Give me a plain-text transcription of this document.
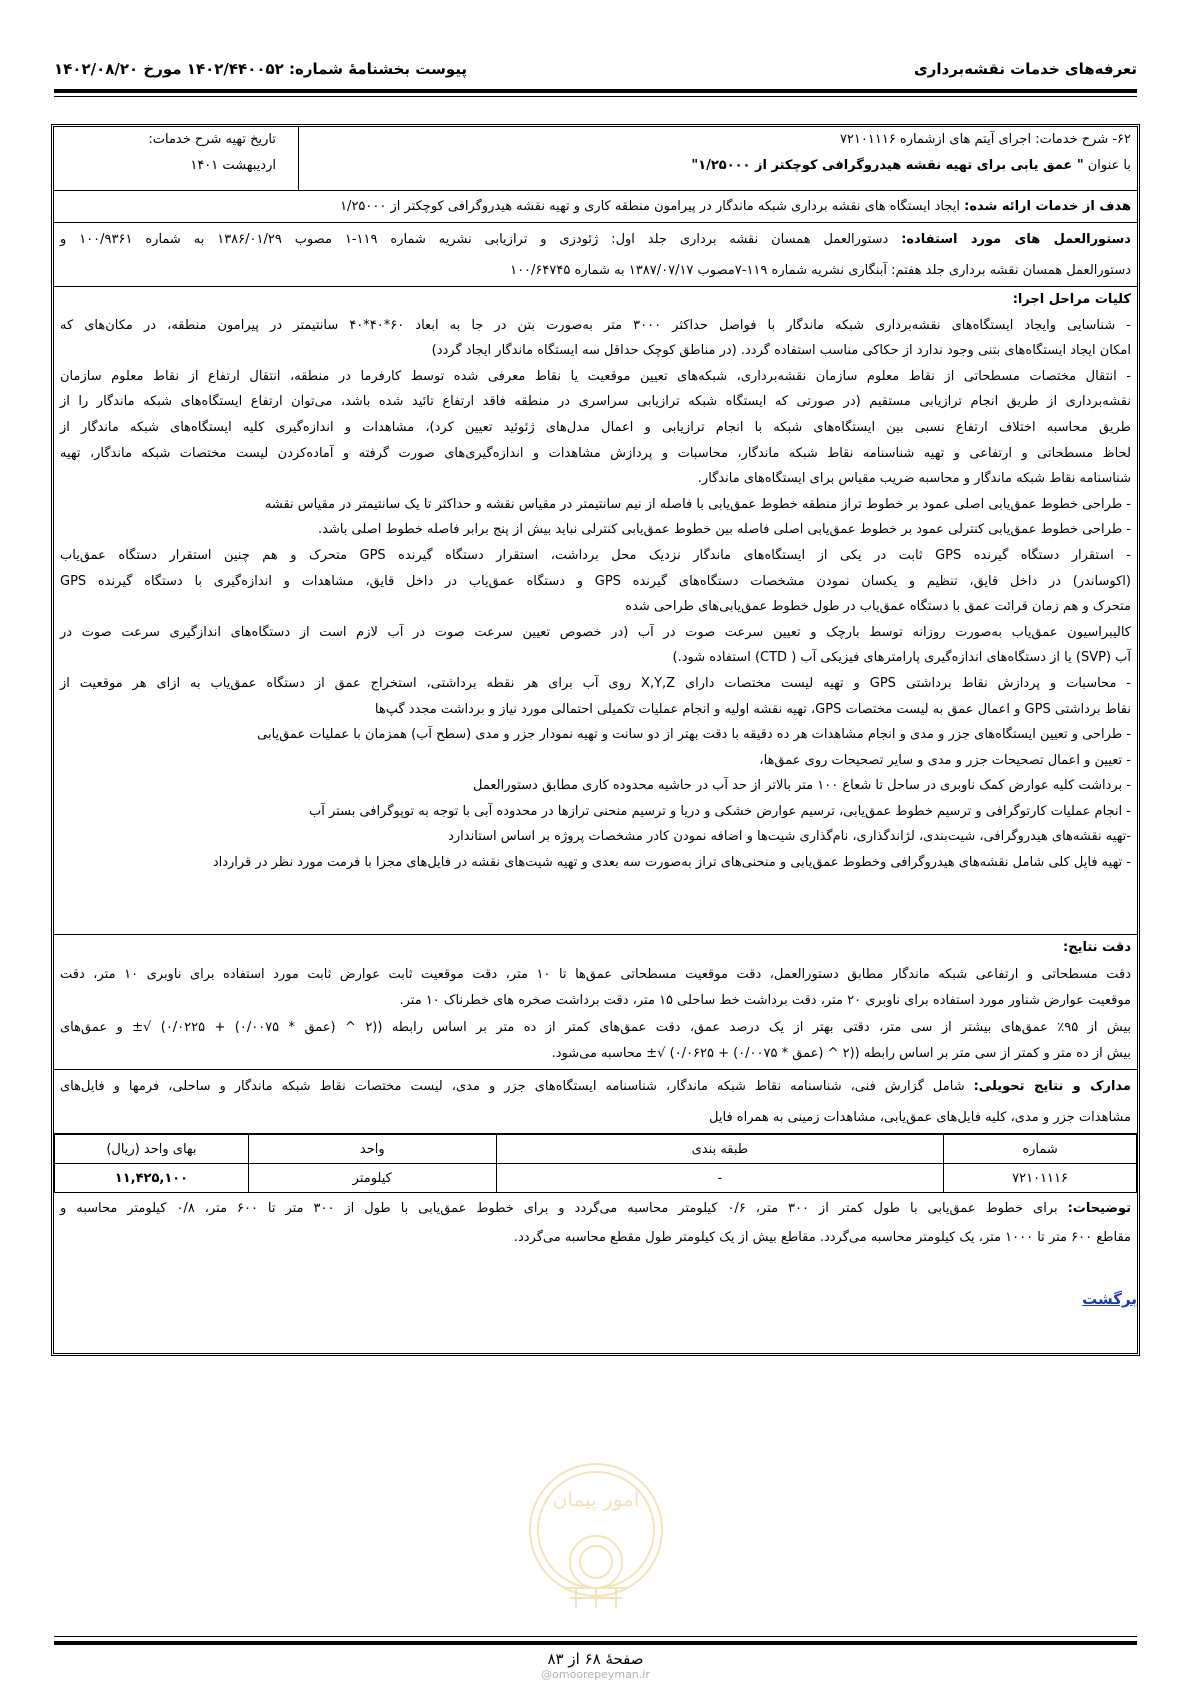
تعرفه‌های خدمات نقشه‌برداری
پیوست بخشنامهٔ شماره: ۱۴۰۲/۴۴۰۰۵۲ مورخ ۱۴۰۲/۰۸/۲۰
۶۲- شرح خدمات: اجرای آیتم های ازشماره ۷۲۱۰۱۱۱۶
با عنوان " عمق یابی برای تهیه نقشه هیدروگرافی کوچکتر از ۱/۲۵۰۰۰"
تاریخ تهیه شرح خدمات:
اردیبهشت ۱۴۰۱
هدف از خدمات ارائه شده: ایجاد ایستگاه های نقشه برداری شبکه ماندگار در پیرامون منطقه کاری و تهیه نقشه هیدروگرافی کوچکتر از ۱/۲۵۰۰۰
دستورالعمل های مورد استفاده: دستورالعمل همسان نقشه برداری جلد اول: ژئودزی و ترازیابی نشریه شماره ۱۱۹-۱ مصوب ۱۳۸۶/۰۱/۲۹ به شماره ۱۰۰/۹۳۶۱ و
دستورالعمل همسان نقشه برداری جلد هفتم: آبنگاری نشریه شماره ۱۱۹-۷مصوب ۱۳۸۷/۰۷/۱۷ به شماره ۱۰۰/۶۴۷۴۵
کلیات مراحل اجرا:
- شناسایی وایجاد ایستگاه‌های نقشه‌برداری شبکه ماندگار با فواصل حداکثر ۳۰۰۰ متر به‌صورت بتن در جا به ابعاد ۶۰*۴۰*۴۰ سانتیمتر در پیرامون منطقه، در مکان‌های که
امکان ایجاد ایستگاه‌های بتنی وجود ندارد از حکاکی مناسب استفاده گردد. (در مناطق کوچک حداقل سه ایستگاه ماندگار ایجاد گردد)
- انتقال مختصات مسطحاتی از نقاط معلوم سازمان نقشه‌برداری، شبکه‌های تعیین موقعیت یا نقاط معرفی شده توسط کارفرما در منطقه، انتقال ارتفاع از نقاط معلوم سازمان
نقشه‌برداری از طریق انجام ترازیابی مستقیم (در صورتی که ایستگاه شبکه ترازیابی سراسری در منطقه فاقد ارتفاع تائید شده باشد، می‌توان ارتفاع ایستگاه‌های شبکه ماندگار را از
طریق محاسبه اختلاف ارتفاع نسبی بین ایستگاه‌های شبکه با انجام ترازیابی و اعمال مدل‌های ژئوئید تعیین کرد)، مشاهدات و اندازه‌گیری کلیه ایستگاه‌های شبکه ماندگار از
لحاظ مسطحاتی و ارتفاعی و تهیه شناسنامه نقاط شبکه ماندگار، محاسبات و پردازش مشاهدات و اندازه‌گیری‌های صورت گرفته و آماده‌کردن لیست مختصات شبکه ماندگار، تهیه
شناسنامه نقاط شبکه ماندگار و محاسبه ضریب مقیاس برای ایستگاه‌های ماندگار.
- طراحی خطوط عمق‌یابی اصلی عمود بر خطوط تراز منطقه خطوط عمق‌یابی با فاصله از نیم سانتیمتر در مقیاس نقشه و حداکثر تا یک سانتیمتر در مقیاس نقشه
- طراحی خطوط عمق‌یابی کنترلی عمود بر خطوط عمق‌یابی اصلی فاصله بین خطوط عمق‌یابی کنترلی نباید بیش از پنج برابر فاصله خطوط اصلی باشد.
- استقرار دستگاه گیرنده GPS ثابت در یکی از ایستگاه‌های ماندگار نزدیک محل برداشت، استقرار دستگاه گیرنده GPS متحرک و هم چنین استقرار دستگاه عمق‌یاب
(اکوساندر) در داخل قایق، تنظیم و یکسان نمودن مشخصات دستگاه‌های گیرنده GPS و دستگاه عمق‌یاب در داخل قایق، مشاهدات و اندازه‌گیری با دستگاه گیرنده GPS
متحرک و هم زمان قرائت عمق با دستگاه عمق‌یاب در طول خطوط عمق‌یابی‌های طراحی شده
کالیبراسیون عمق‌یاب به‌صورت روزانه توسط بارچک و تعیین سرعت صوت در آب (در خصوص تعیین سرعت صوت در آب لازم است از دستگاه‌های اندازگیری سرعت صوت در
آب (SVP) یا از دستگاه‌های اندازه‌گیری پارامترهای فیزیکی آب ( CTD) استفاده شود.)
- محاسبات و پردازش نقاط برداشتی GPS و تهیه لیست مختصات دارای X,Y,Z روی آب برای هر نقطه برداشتی، استخراج عمق از دستگاه عمق‌یاب به ازای هر موقعیت از
نقاط برداشتی GPS و اعمال عمق به لیست مختصات GPS، تهیه نقشه اولیه و انجام عملیات تکمیلی احتمالی مورد نیاز و برداشت مجدد گپ‌ها
- طراحی و تعیین ایستگاه‌های جزر و مدی و انجام مشاهدات هر ده دقیقه با دقت بهتر از دو سانت و تهیه نمودار جزر و مدی (سطح آب) همزمان با عملیات عمق‌یابی
- تعیین و اعمال تصحیحات جزر و مدی و سایر تصحیحات روی عمق‌ها،
- برداشت کلیه عوارض کمک ناوبری در ساحل تا شعاع ۱۰۰ متر بالاتر از حد آب در حاشیه محدوده کاری مطابق دستورالعمل
- انجام عملیات کارتوگرافی و ترسیم خطوط عمق‌یابی، ترسیم عوارض خشکی و دریا و ترسیم منحنی ترازها در محدوده آبی با توجه به توپوگرافی بستر آب
-تهیه نقشه‌های هیدروگرافی، شیت‌بندی، لژاندگذاری، نام‌گذاری شیت‌ها و اضافه نمودن کادر مشخصات پروژه بر اساس استاندارد
- تهیه فایل کلی شامل نقشه‌های هیدروگرافی وخطوط عمق‌یابی و منحنی‌های تراز به‌صورت سه بعدی و تهیه شیت‌های نقشه در فایل‌های مجزا با فرمت مورد نظر در قرارداد
دقت نتایج:
دقت مسطحاتی و ارتفاعی شبکه ماندگار مطابق دستورالعمل، دقت موقعیت مسطحاتی عمق‌ها تا ۱۰ متر، دقت موقعیت ثابت عوارض ثابت مورد استفاده برای ناوبری ۱۰ متر، دقت
موقعیت عوارض شناور مورد استفاده برای ناوبری ۲۰ متر، دقت برداشت خط ساحلی ۱۵ متر، دقت برداشت صخره های خطرناک ۱۰ متر.
بیش از ۹۵٪ عمق‌های بیشتر از سی متر، دقتی بهتر از یک درصد عمق، دقت عمق‌های کمتر از ده متر بر اساس رابطه ((۲ ^ (عمق * ۰/۰۰۷۵) + ۰/۰۲۲۵) √± و عمق‌های
بیش از ده متر و کمتر از سی متر بر اساس رابطه ((۲ ^ (عمق * ۰/۰۰۷۵) + ۰/۰۶۲۵) √± محاسبه می‌شود.
مدارک و نتایج تحویلی: شامل گزارش فنی، شناسنامه نقاط شبکه ماندگار، شناسنامه ایستگاه‌های جزر و مدی، لیست مختصات نقاط شبکه ماندگار و ساحلی، فرمها و فایل‌های
مشاهدات جزر و مدی، کلیه فایل‌های عمق‌یابی، مشاهدات زمینی به همراه فایل
شماره	طبقه بندی	واحد	بهای واحد (ریال)
۷۲۱۰۱۱۱۶	-	کیلومتر	۱۱,۴۲۵,۱۰۰
توضیحات: برای خطوط عمق‌یابی با طول کمتر از ۳۰۰ متر، ۰/۶ کیلومتر محاسبه می‌گردد و برای خطوط عمق‌یابی با طول از ۳۰۰ متر تا ۶۰۰ متر، ۰/۸ کیلومتر محاسبه و
مقاطع ۶۰۰ متر تا ۱۰۰۰ متر، یک کیلومتر محاسبه می‌گردد. مقاطع بیش از یک کیلومتر طول مقطع محاسبه می‌گردد.
برگشت
امور پیمان
صفحهٔ ۶۸ از ۸۳
@omoorepeyman.ir
